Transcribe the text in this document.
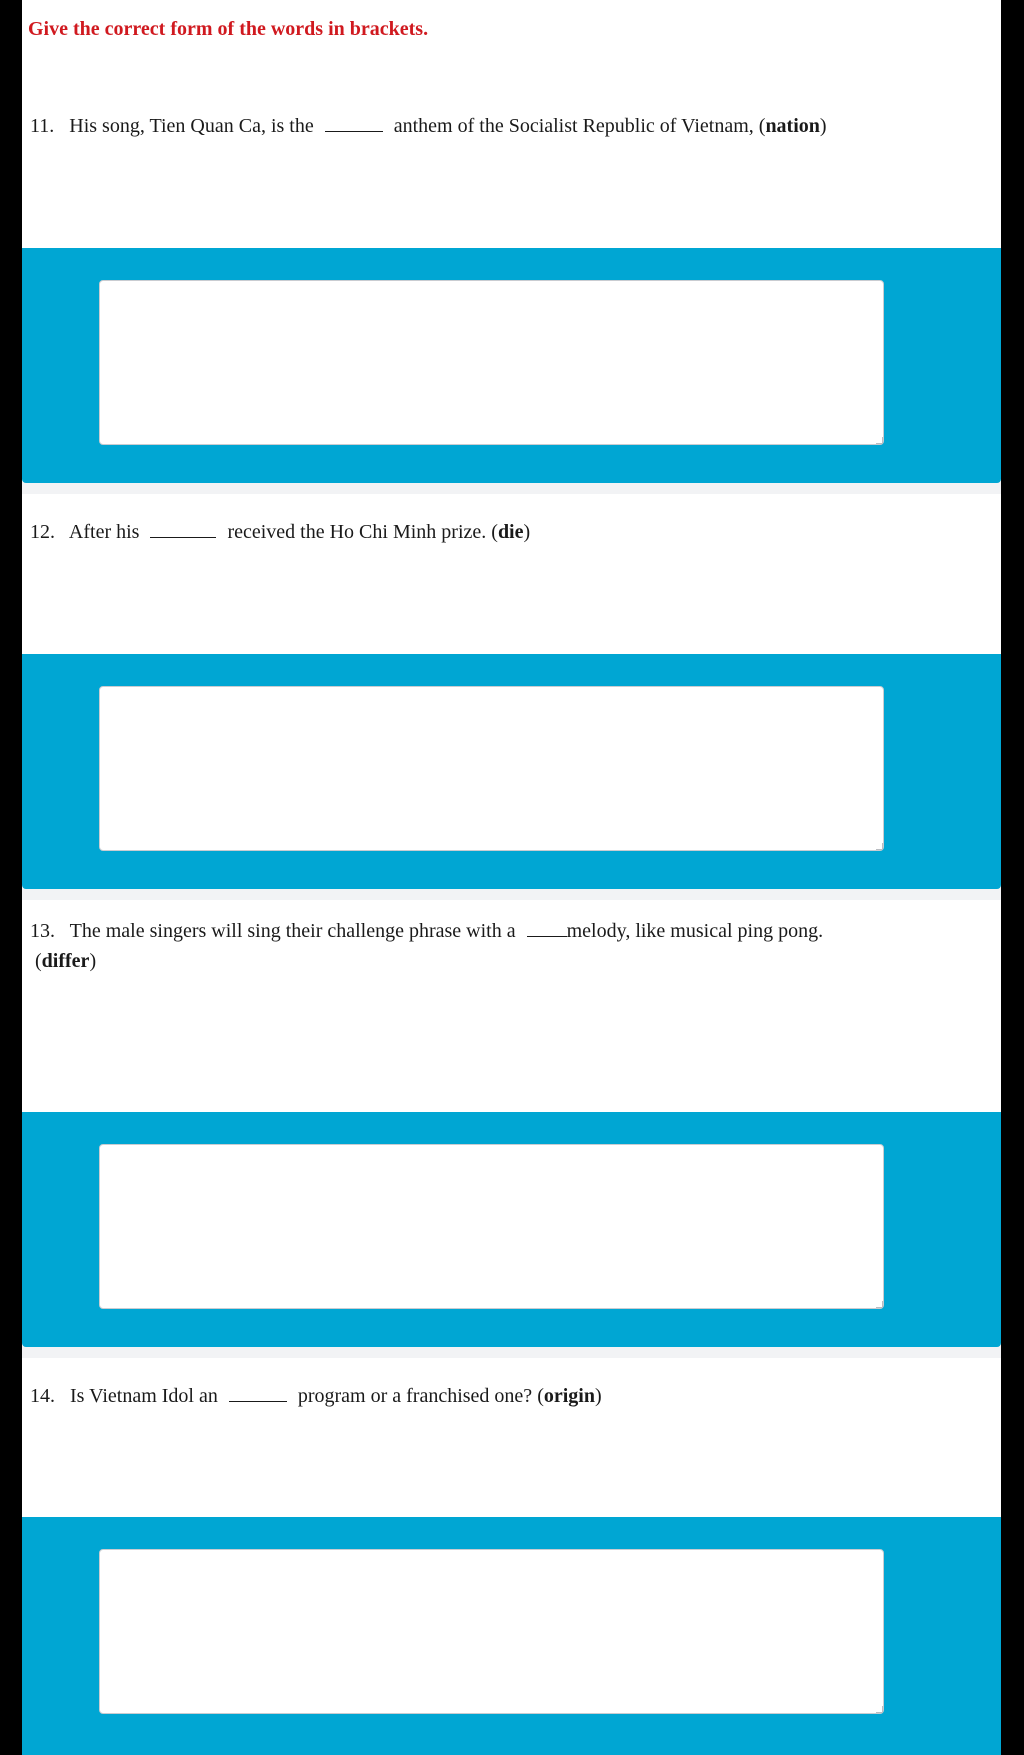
Give the correct form of the words in brackets.

11. His song, Tien Quan Ca, is the	anthem of the Socialist Republic of Vietnam, (nation)

12. After his	received the Ho Chi Minh prize. (die)

13. The male singers will sing their challenge phrase with a	melody, like musical ping pong.
(differ)

14. Is Vietnam Idol an	program or a franchised one? (origin)
